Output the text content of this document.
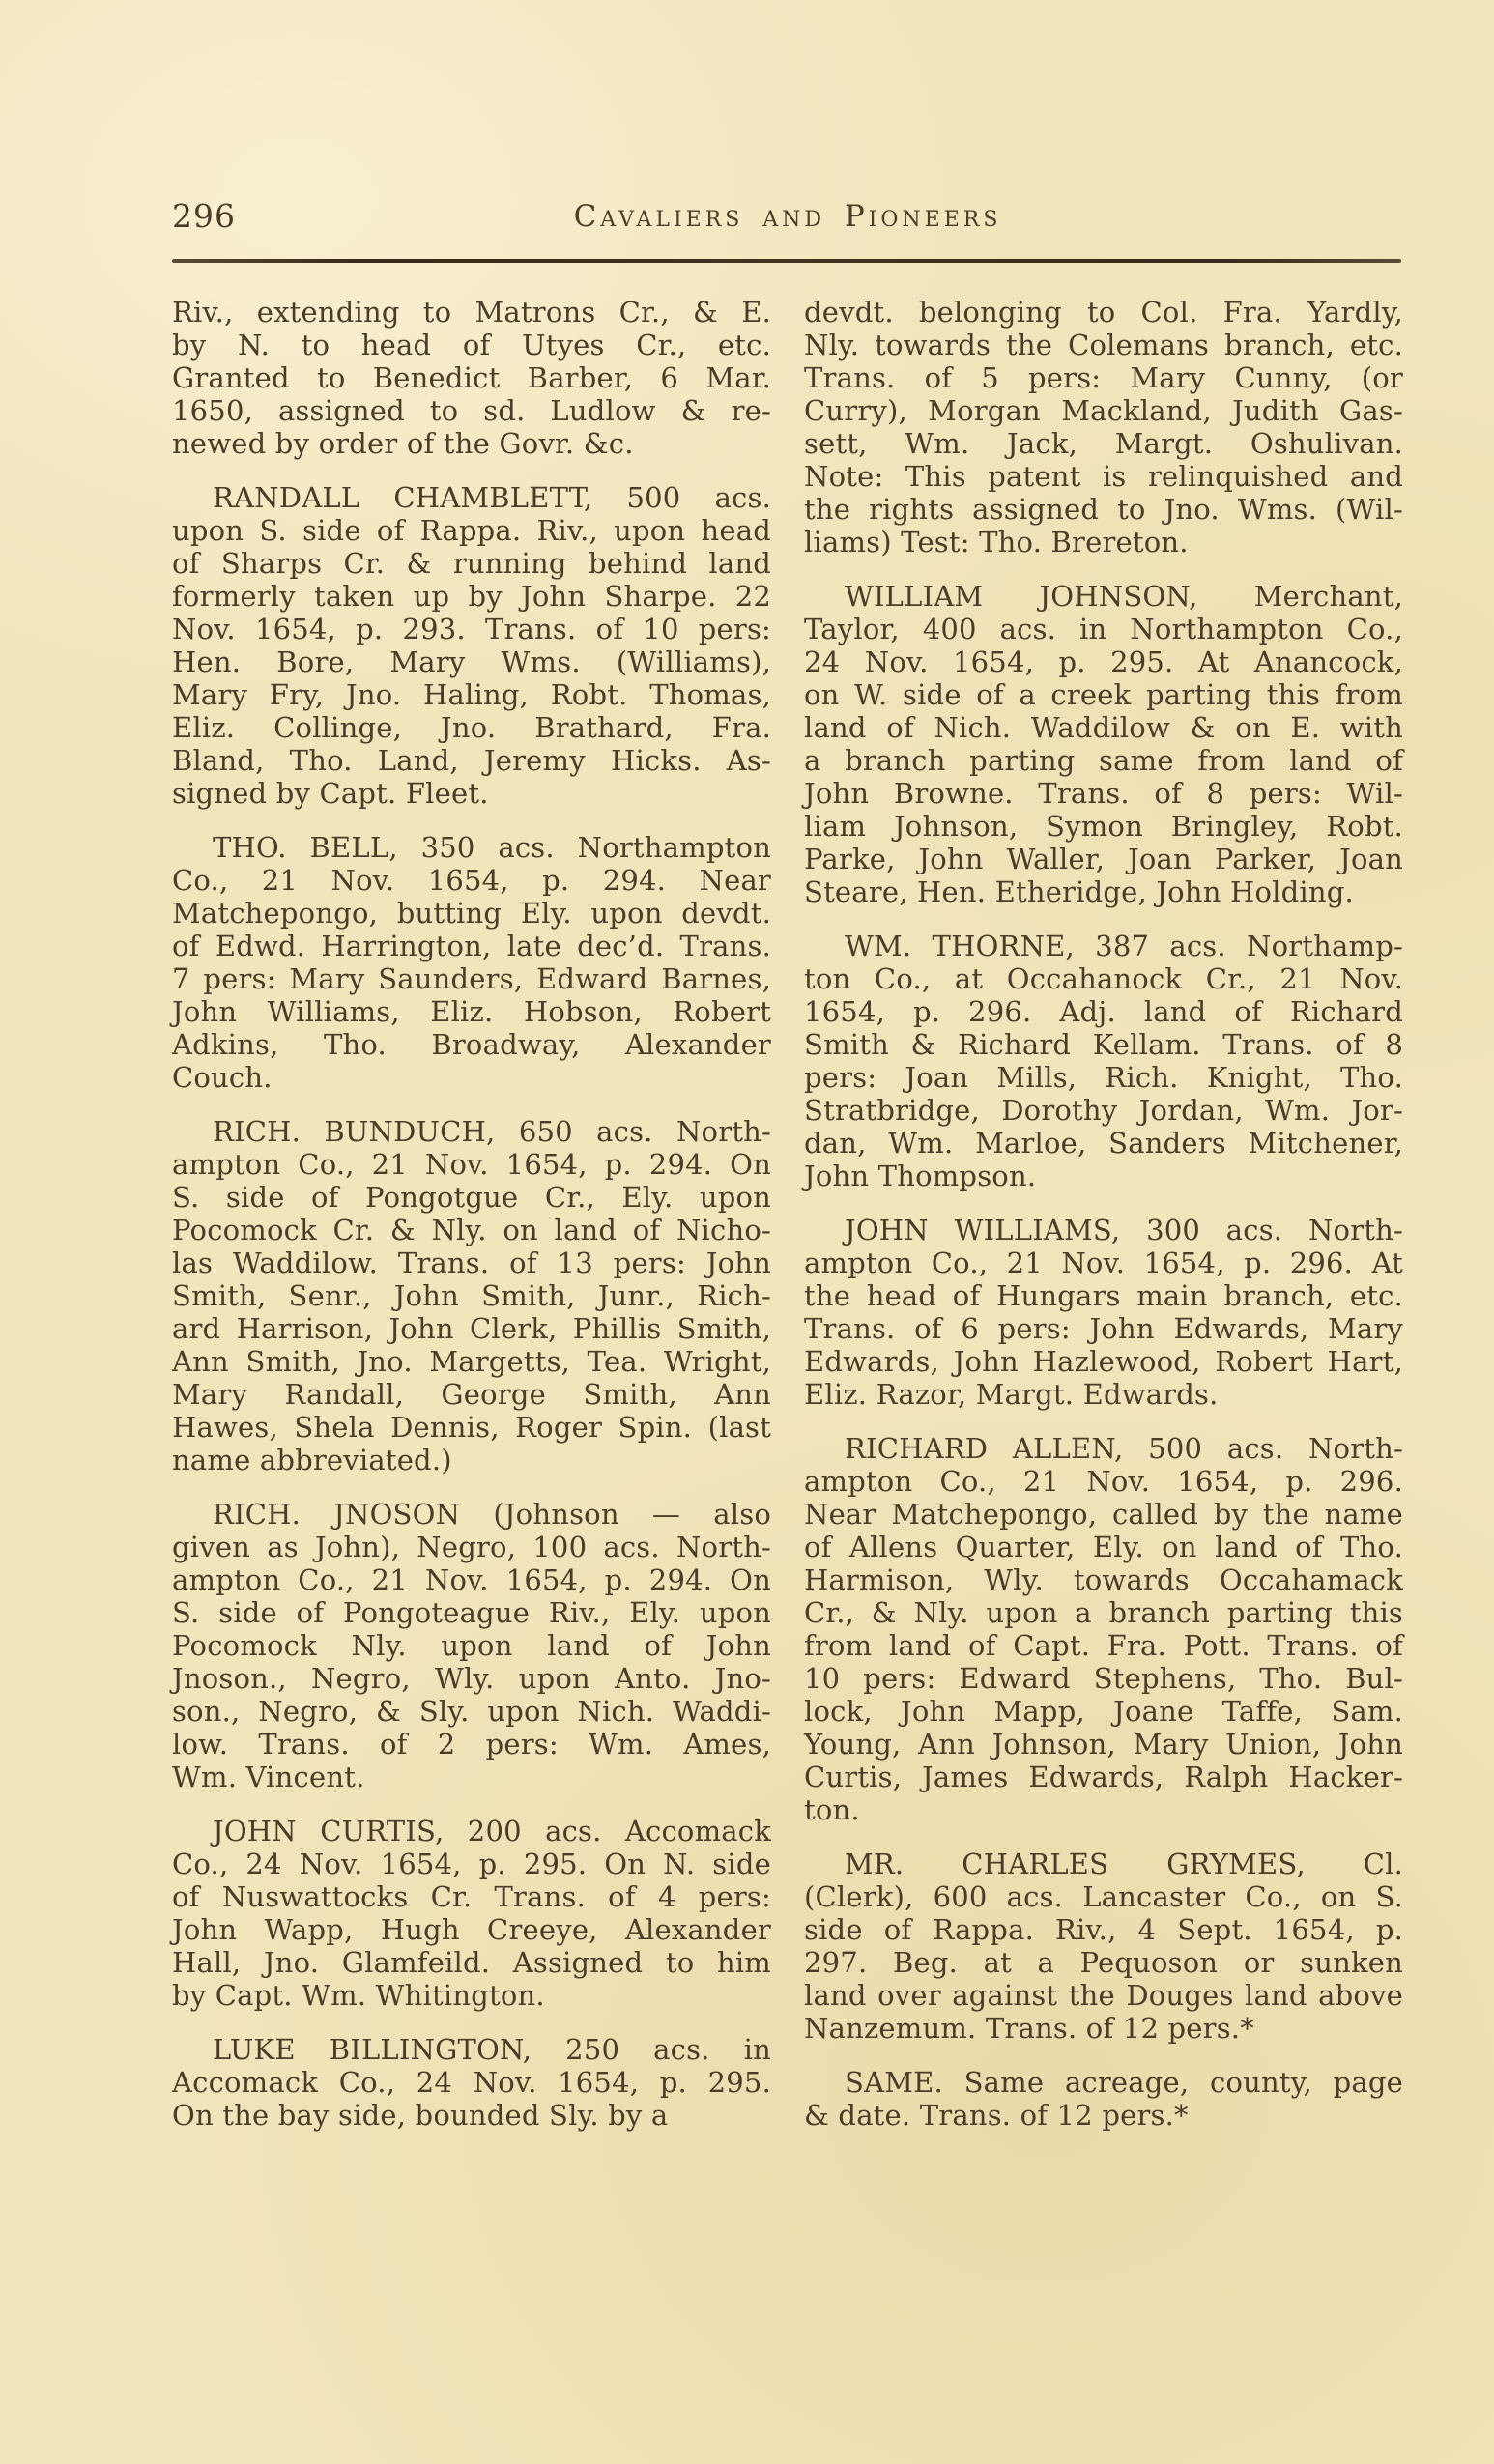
296	Cavaliers and Pioneers
Riv., extending to Matrons Cr., & E.
by N. to head of Utyes Cr., etc.
Granted to Benedict Barber, 6 Mar.
1650, assigned to sd. Ludlow & re-
newed by order of the Govr. &c.
RANDALL CHAMBLETT, 500 acs.
upon S. side of Rappa. Riv., upon head
of Sharps Cr. & running behind land
formerly taken up by John Sharpe. 22
Nov. 1654, p. 293. Trans. of 10 pers:
Hen. Bore, Mary Wms. (Williams),
Mary Fry, Jno. Haling, Robt. Thomas,
Eliz. Collinge, Jno. Brathard, Fra.
Bland, Tho. Land, Jeremy Hicks. As-
signed by Capt. Fleet.
THO. BELL, 350 acs. Northampton
Co., 21 Nov. 1654, p. 294. Near
Matchepongo, butting Ely. upon devdt.
of Edwd. Harrington, late dec’d. Trans.
7 pers: Mary Saunders, Edward Barnes,
John Williams, Eliz. Hobson, Robert
Adkins, Tho. Broadway, Alexander
Couch.
RICH. BUNDUCH, 650 acs. North-
ampton Co., 21 Nov. 1654, p. 294. On
S. side of Pongotgue Cr., Ely. upon
Pocomock Cr. & Nly. on land of Nicho-
las Waddilow. Trans. of 13 pers: John
Smith, Senr., John Smith, Junr., Rich-
ard Harrison, John Clerk, Phillis Smith,
Ann Smith, Jno. Margetts, Tea. Wright,
Mary Randall, George Smith, Ann
Hawes, Shela Dennis, Roger Spin. (last
name abbreviated.)
RICH. JNOSON (Johnson — also
given as John), Negro, 100 acs. North-
ampton Co., 21 Nov. 1654, p. 294. On
S. side of Pongoteague Riv., Ely. upon
Pocomock Nly. upon land of John
Jnoson., Negro, Wly. upon Anto. Jno-
son., Negro, & Sly. upon Nich. Waddi-
low. Trans. of 2 pers: Wm. Ames,
Wm. Vincent.
JOHN CURTIS, 200 acs. Accomack
Co., 24 Nov. 1654, p. 295. On N. side
of Nuswattocks Cr. Trans. of 4 pers:
John Wapp, Hugh Creeye, Alexander
Hall, Jno. Glamfeild. Assigned to him
by Capt. Wm. Whitington.
LUKE BILLINGTON, 250 acs. in
Accomack Co., 24 Nov. 1654, p. 295.
On the bay side, bounded Sly. by a
devdt. belonging to Col. Fra. Yardly,
Nly. towards the Colemans branch, etc.
Trans. of 5 pers: Mary Cunny, (or
Curry), Morgan Mackland, Judith Gas-
sett, Wm. Jack, Margt. Oshulivan.
Note: This patent is relinquished and
the rights assigned to Jno. Wms. (Wil-
liams) Test: Tho. Brereton.
WILLIAM JOHNSON, Merchant,
Taylor, 400 acs. in Northampton Co.,
24 Nov. 1654, p. 295. At Anancock,
on W. side of a creek parting this from
land of Nich. Waddilow & on E. with
a branch parting same from land of
John Browne. Trans. of 8 pers: Wil-
liam Johnson, Symon Bringley, Robt.
Parke, John Waller, Joan Parker, Joan
Steare, Hen. Etheridge, John Holding.
WM. THORNE, 387 acs. Northamp-
ton Co., at Occahanock Cr., 21 Nov.
1654, p. 296. Adj. land of Richard
Smith & Richard Kellam. Trans. of 8
pers: Joan Mills, Rich. Knight, Tho.
Stratbridge, Dorothy Jordan, Wm. Jor-
dan, Wm. Marloe, Sanders Mitchener,
John Thompson.
JOHN WILLIAMS, 300 acs. North-
ampton Co., 21 Nov. 1654, p. 296. At
the head of Hungars main branch, etc.
Trans. of 6 pers: John Edwards, Mary
Edwards, John Hazlewood, Robert Hart,
Eliz. Razor, Margt. Edwards.
RICHARD ALLEN, 500 acs. North-
ampton Co., 21 Nov. 1654, p. 296.
Near Matchepongo, called by the name
of Allens Quarter, Ely. on land of Tho.
Harmison, Wly. towards Occahamack
Cr., & Nly. upon a branch parting this
from land of Capt. Fra. Pott. Trans. of
10 pers: Edward Stephens, Tho. Bul-
lock, John Mapp, Joane Taffe, Sam.
Young, Ann Johnson, Mary Union, John
Curtis, James Edwards, Ralph Hacker-
ton.
MR. CHARLES GRYMES, Cl.
(Clerk), 600 acs. Lancaster Co., on S.
side of Rappa. Riv., 4 Sept. 1654, p.
297. Beg. at a Pequoson or sunken
land over against the Douges land above
Nanzemum. Trans. of 12 pers.*
SAME. Same acreage, county, page
& date. Trans. of 12 pers.*
